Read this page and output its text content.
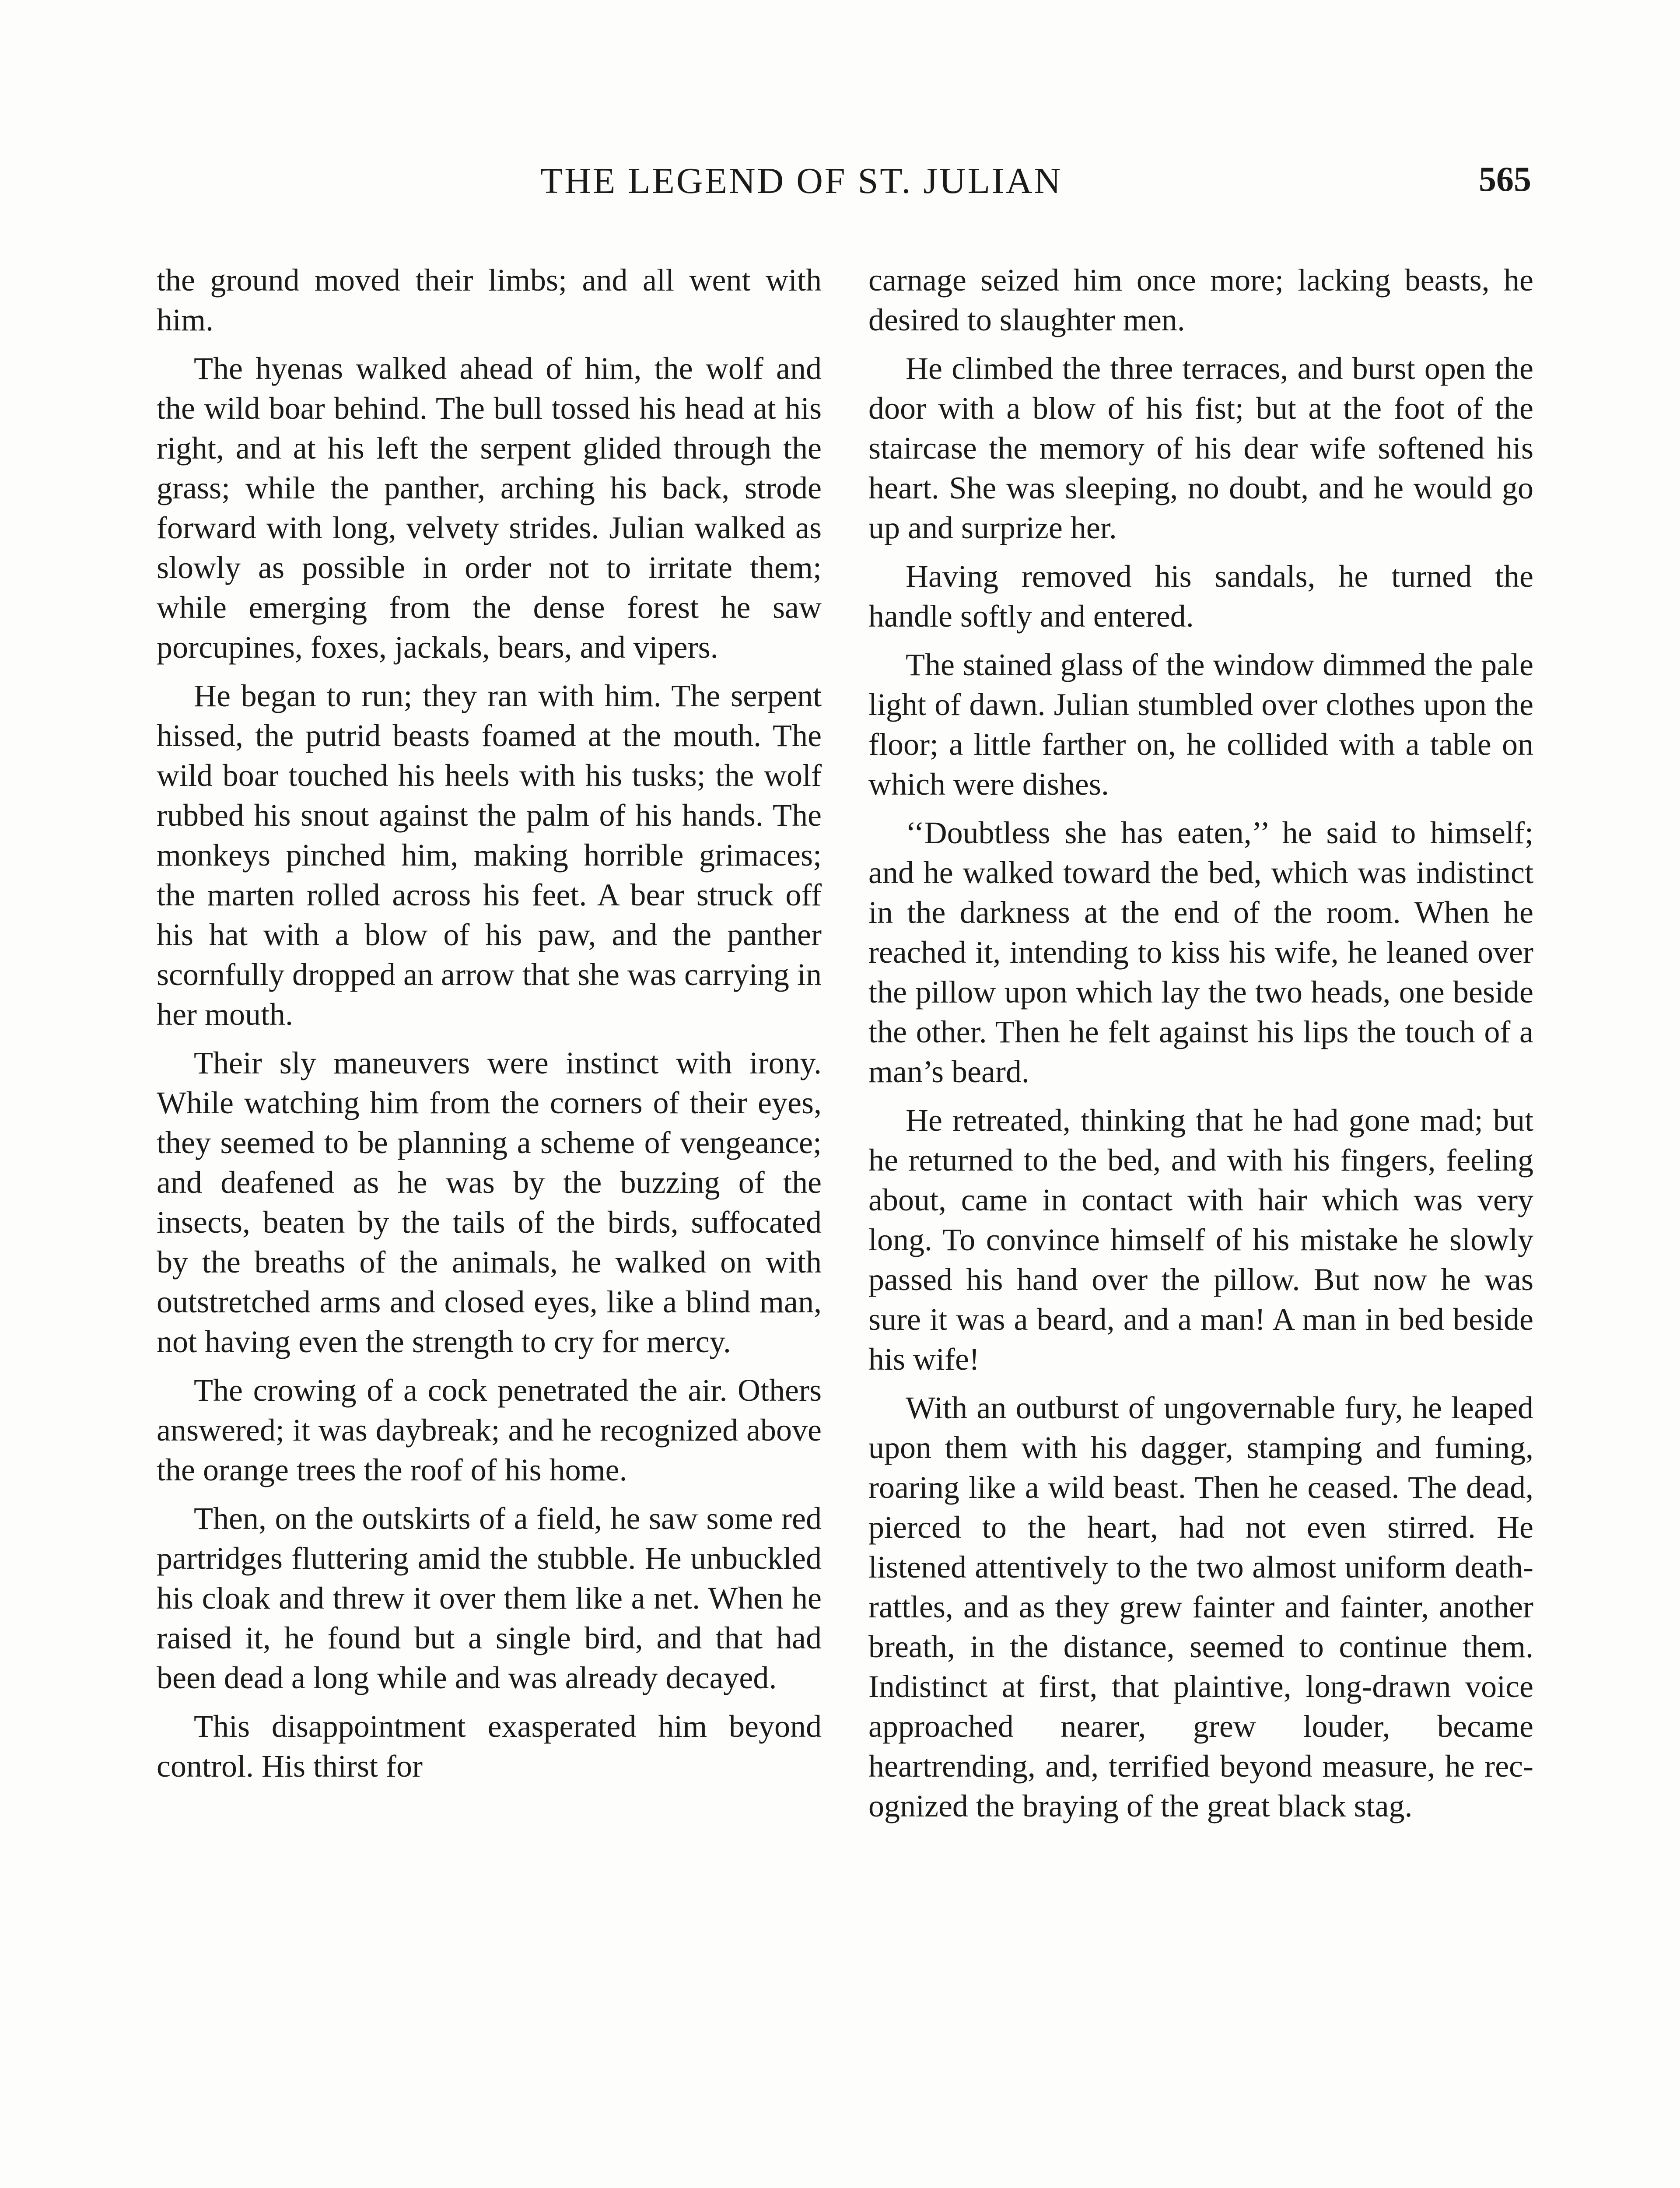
THE LEGEND OF ST. JULIAN	565

the ground moved their limbs; and all went with him.

The hyenas walked ahead of him, the wolf and the wild boar behind. The bull tossed his head at his right, and at his left the serpent glided through the grass; while the panther, arching his back, strode forward with long, velvety strides. Julian walked as slowly as possible in order not to irritate them; while emerging from the dense forest he saw porcupines, foxes, jackals, bears, and vipers.

He began to run; they ran with him. The serpent hissed, the putrid beasts foamed at the mouth. The wild boar touched his heels with his tusks; the wolf rubbed his snout against the palm of his hands. The monkeys pinched him, making horrible grimaces; the marten rolled across his feet. A bear struck off his hat with a blow of his paw, and the panther scornfully dropped an arrow that she was carrying in her mouth.

Their sly maneuvers were instinct with irony. While watching him from the corners of their eyes, they seemed to be planning a scheme of vengeance; and deafened as he was by the buzzing of the insects, beaten by the tails of the birds, suffocated by the breaths of the animals, he walked on with outstretched arms and closed eyes, like a blind man, not having even the strength to cry for mercy.

The crowing of a cock penetrated the air. Others answered; it was daybreak; and he recognized above the orange trees the roof of his home.

Then, on the outskirts of a field, he saw some red partridges fluttering amid the stubble. He unbuckled his cloak and threw it over them like a net. When he raised it, he found but a single bird, and that had been dead a long while and was already decayed.

This disappointment exasperated him beyond control. His thirst for

carnage seized him once more; lacking beasts, he desired to slaughter men.

He climbed the three terraces, and burst open the door with a blow of his fist; but at the foot of the staircase the memory of his dear wife softened his heart. She was sleeping, no doubt, and he would go up and surprize her.

Having removed his sandals, he turned the handle softly and entered.

The stained glass of the window dimmed the pale light of dawn. Julian stumbled over clothes upon the floor; a little farther on, he collided with a table on which were dishes.

‘‘Doubtless she has eaten,’’ he said to himself; and he walked toward the bed, which was indistinct in the darkness at the end of the room. When he reached it, intending to kiss his wife, he leaned over the pillow upon which lay the two heads, one beside the other. Then he felt against his lips the touch of a man’s beard.

He retreated, thinking that he had gone mad; but he returned to the bed, and with his fingers, feeling about, came in contact with hair which was very long. To convince himself of his mistake he slowly passed his hand over the pillow. But now he was sure it was a beard, and a man! A man in bed beside his wife!

With an outburst of ungovernable fury, he leaped upon them with his dagger, stamping and fuming, roaring like a wild beast. Then he ceased. The dead, pierced to the heart, had not even stirred. He listened attentively to the two almost uniform death-rattles, and as they grew fainter and fainter, another breath, in the distance, seemed to continue them. Indistinct at first, that plaintive, long-drawn voice approached nearer, grew louder, became heartrending, and, terrified beyond measure, he recognized the braying of the great black stag.
